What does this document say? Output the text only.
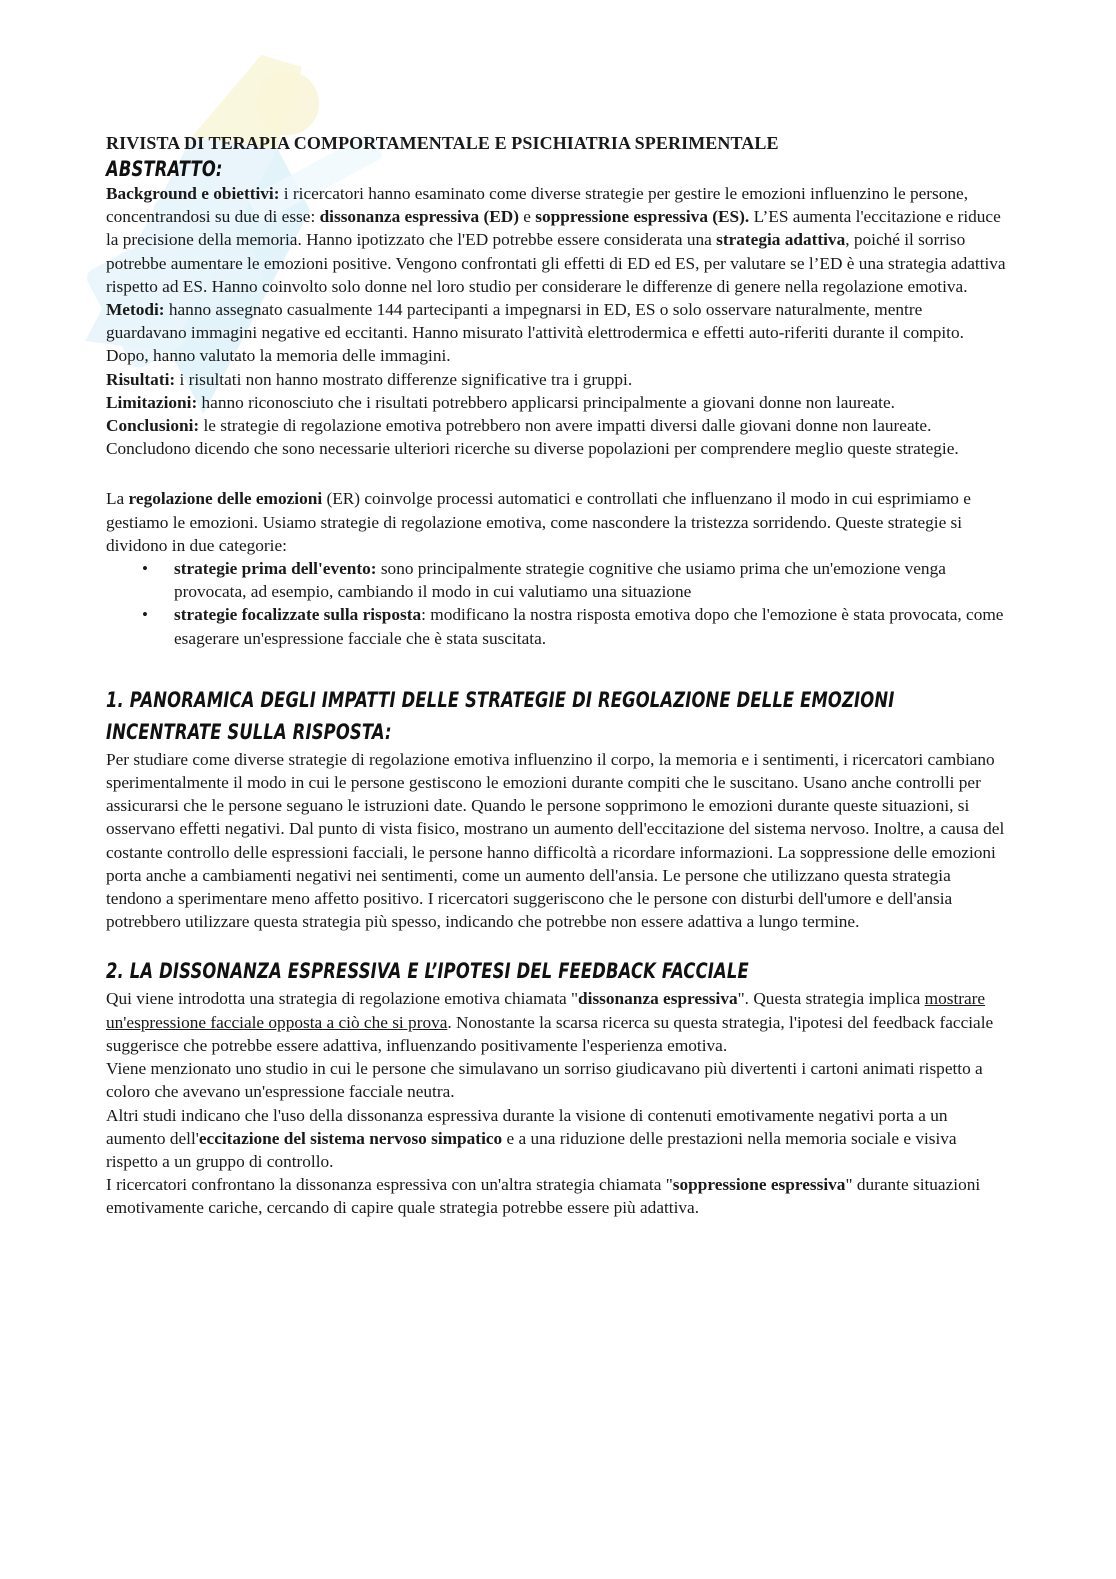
RIVISTA DI TERAPIA COMPORTAMENTALE E PSICHIATRIA SPERIMENTALE

ABSTRATTO:

Background e obiettivi: i ricercatori hanno esaminato come diverse strategie per gestire le emozioni influenzino le persone, concentrandosi su due di esse: dissonanza espressiva (ED) e soppressione espressiva (ES). L’ES aumenta l'eccitazione e riduce la precisione della memoria. Hanno ipotizzato che l'ED potrebbe essere considerata una strategia adattiva, poiché il sorriso potrebbe aumentare le emozioni positive. Vengono confrontati gli effetti di ED ed ES, per valutare se l’ED è una strategia adattiva rispetto ad ES. Hanno coinvolto solo donne nel loro studio per considerare le differenze di genere nella regolazione emotiva.

Metodi: hanno assegnato casualmente 144 partecipanti a impegnarsi in ED, ES o solo osservare naturalmente, mentre guardavano immagini negative ed eccitanti. Hanno misurato l'attività elettrodermica e effetti auto-riferiti durante il compito. Dopo, hanno valutato la memoria delle immagini.

Risultati: i risultati non hanno mostrato differenze significative tra i gruppi.

Limitazioni: hanno riconosciuto che i risultati potrebbero applicarsi principalmente a giovani donne non laureate.

Conclusioni: le strategie di regolazione emotiva potrebbero non avere impatti diversi dalle giovani donne non laureate. Concludono dicendo che sono necessarie ulteriori ricerche su diverse popolazioni per comprendere meglio queste strategie.

La regolazione delle emozioni (ER) coinvolge processi automatici e controllati che influenzano il modo in cui esprimiamo e gestiamo le emozioni. Usiamo strategie di regolazione emotiva, come nascondere la tristezza sorridendo. Queste strategie si dividono in due categorie:

• strategie prima dell'evento: sono principalmente strategie cognitive che usiamo prima che un'emozione venga provocata, ad esempio, cambiando il modo in cui valutiamo una situazione
• strategie focalizzate sulla risposta: modificano la nostra risposta emotiva dopo che l'emozione è stata provocata, come esagerare un'espressione facciale che è stata suscitata.

1. PANORAMICA DEGLI IMPATTI DELLE STRATEGIE DI REGOLAZIONE DELLE EMOZIONI

INCENTRATE SULLA RISPOSTA:

Per studiare come diverse strategie di regolazione emotiva influenzino il corpo, la memoria e i sentimenti, i ricercatori cambiano sperimentalmente il modo in cui le persone gestiscono le emozioni durante compiti che le suscitano. Usano anche controlli per assicurarsi che le persone seguano le istruzioni date. Quando le persone sopprimono le emozioni durante queste situazioni, si osservano effetti negativi. Dal punto di vista fisico, mostrano un aumento dell'eccitazione del sistema nervoso. Inoltre, a causa del costante controllo delle espressioni facciali, le persone hanno difficoltà a ricordare informazioni. La soppressione delle emozioni porta anche a cambiamenti negativi nei sentimenti, come un aumento dell'ansia. Le persone che utilizzano questa strategia tendono a sperimentare meno affetto positivo. I ricercatori suggeriscono che le persone con disturbi dell'umore e dell'ansia potrebbero utilizzare questa strategia più spesso, indicando che potrebbe non essere adattiva a lungo termine.

2. LA DISSONANZA ESPRESSIVA E L’IPOTESI DEL FEEDBACK FACCIALE

Qui viene introdotta una strategia di regolazione emotiva chiamata "dissonanza espressiva". Questa strategia implica mostrare un'espressione facciale opposta a ciò che si prova. Nonostante la scarsa ricerca su questa strategia, l'ipotesi del feedback facciale suggerisce che potrebbe essere adattiva, influenzando positivamente l'esperienza emotiva.

Viene menzionato uno studio in cui le persone che simulavano un sorriso giudicavano più divertenti i cartoni animati rispetto a coloro che avevano un'espressione facciale neutra.

Altri studi indicano che l'uso della dissonanza espressiva durante la visione di contenuti emotivamente negativi porta a un aumento dell'eccitazione del sistema nervoso simpatico e a una riduzione delle prestazioni nella memoria sociale e visiva rispetto a un gruppo di controllo.

I ricercatori confrontano la dissonanza espressiva con un'altra strategia chiamata "soppressione espressiva" durante situazioni emotivamente cariche, cercando di capire quale strategia potrebbe essere più adattiva.
